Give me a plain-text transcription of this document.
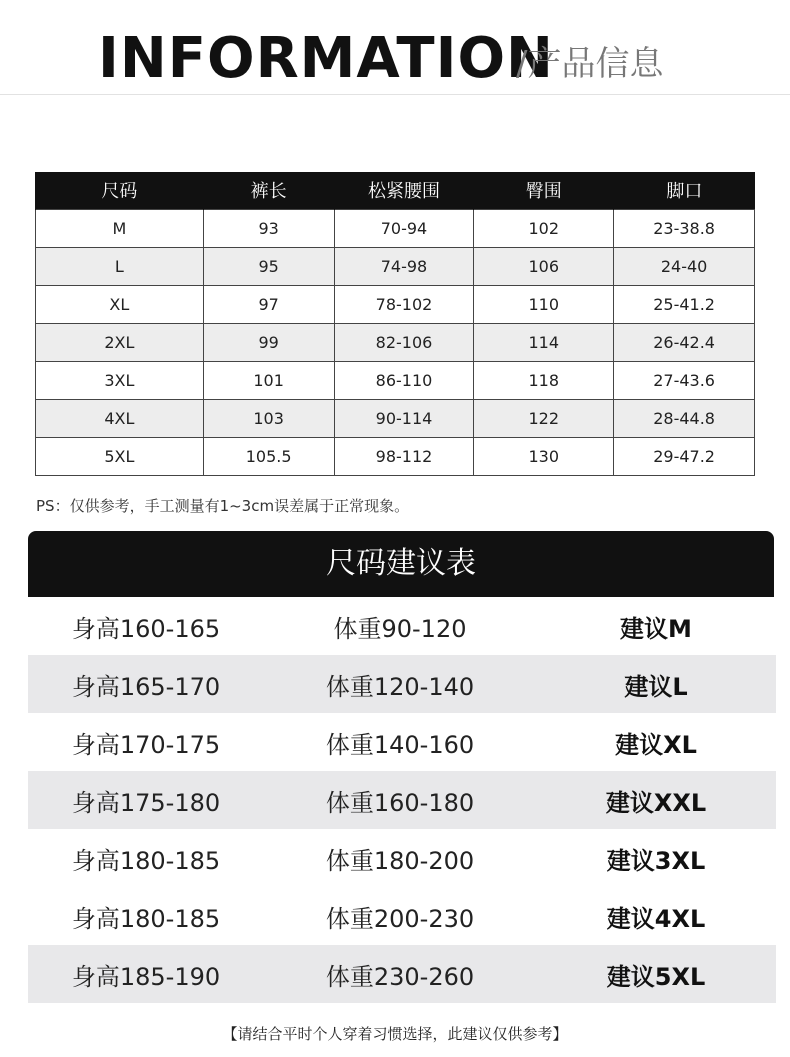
INFORMATION
/产品信息
尺码	裤长	松紧腰围	臀围	脚口
M	93	70-94	102	23-38.8
L	95	74-98	106	24-40
XL	97	78-102	110	25-41.2
2XL	99	82-106	114	26-42.4
3XL	101	86-110	118	27-43.6
4XL	103	90-114	122	28-44.8
5XL	105.5	98-112	130	29-47.2
PS：仅供参考，手工测量有1~3cm误差属于正常现象。
尺码建议表
身高160-165	体重90-120	建议M
身高165-170	体重120-140	建议L
身高170-175	体重140-160	建议XL
身高175-180	体重160-180	建议XXL
身高180-185	体重180-200	建议3XL
身高180-185	体重200-230	建议4XL
身高185-190	体重230-260	建议5XL
【请结合平时个人穿着习惯选择，此建议仅供参考】
